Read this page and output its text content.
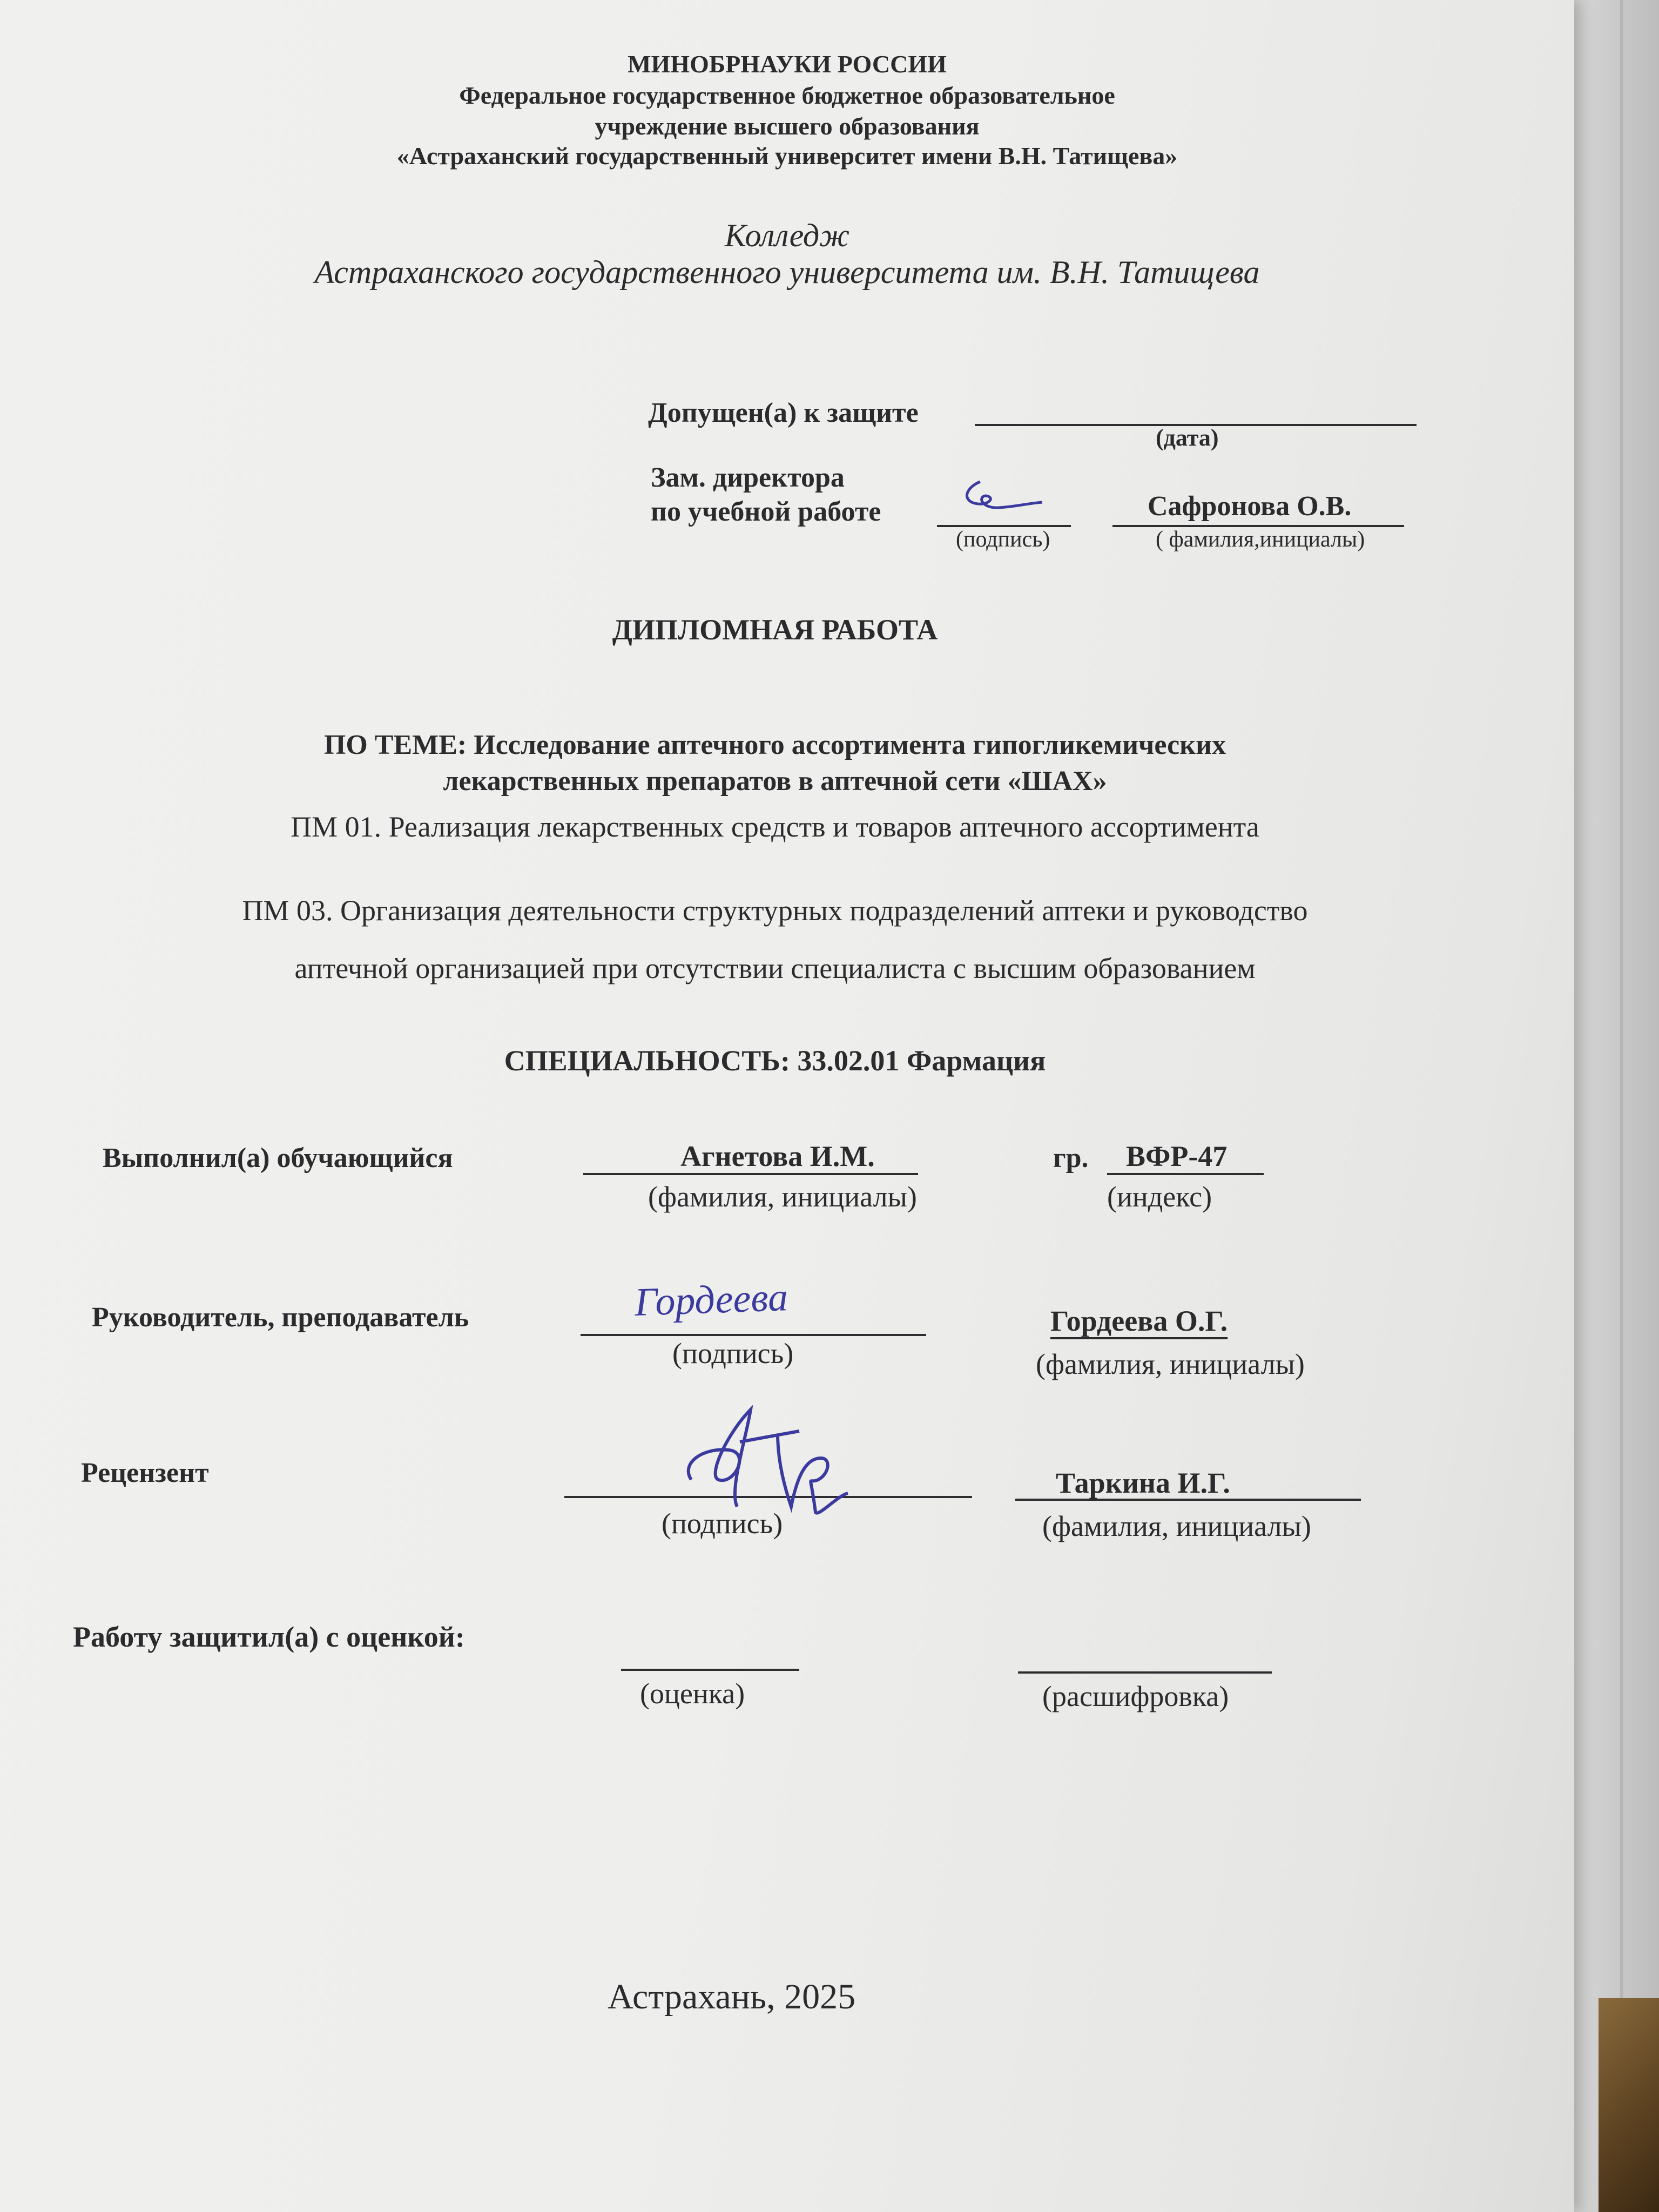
МИНОБРНАУКИ РОССИИ
Федеральное государственное бюджетное образовательное
учреждение высшего образования
«Астраханский государственный университет имени В.Н. Татищева»
Колледж
Астраханского государственного университета им. В.Н. Татищева
Допущен(а) к защите
(дата)
Зам. директора
по учебной работе
(подпись)
Сафронова О.В.
( фамилия,инициалы)
ДИПЛОМНАЯ РАБОТА
ПО ТЕМЕ: Исследование аптечного ассортимента гипогликемических
лекарственных препаратов в аптечной сети «ШАХ»
ПМ 01. Реализация лекарственных средств и товаров аптечного ассортимента
ПМ 03. Организация деятельности структурных подразделений аптеки и руководство
аптечной организацией при отсутствии специалиста с высшим образованием
СПЕЦИАЛЬНОСТЬ: 33.02.01 Фармация
Выполнил(а) обучающийся	Агнетова И.М.
(фамилия, инициалы)
гр. ВФР-47
(индекс)
Руководитель, преподаватель	Гордеева
(подпись)
Гордеева О.Г.
(фамилия, инициалы)
Рецензент
(подпись)
Таркина И.Г.
(фамилия, инициалы)
Работу защитил(а) с оценкой:
(оценка)	(расшифровка)
Астрахань, 2025
